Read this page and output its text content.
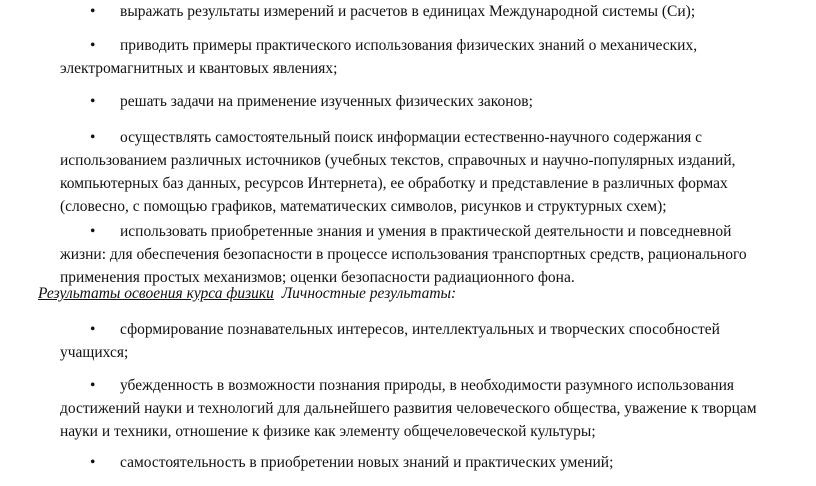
• выражать результаты измерений и расчетов в единицах Международной системы (Си);

• приводить примеры практического использования физических знаний о механических, электромагнитных и квантовых явлениях;

• решать задачи на применение изученных физических законов;

• осуществлять самостоятельный поиск информации естественно-научного содержания с использованием различных источников (учебных текстов, справочных и научно-популярных изданий, компьютерных баз данных, ресурсов Интернета), ее обработку и представление в различных формах (словесно, с помощью графиков, математических символов, рисунков и структурных схем);

• использовать приобретенные знания и умения в практической деятельности и повседневной жизни: для обеспечения безопасности в процессе использования транспортных средств, рационального применения простых механизмов; оценки безопасности радиационного фона.

Результаты освоения курса физики Личностные результаты:

• сформирование познавательных интересов, интеллектуальных и творческих способностей учащихся;

• убежденность в возможности познания природы, в необходимости разумного использования достижений науки и технологий для дальнейшего развития человеческого общества, уважение к творцам науки и техники, отношение к физике как элементу общечеловеческой культуры;

• самостоятельность в приобретении новых знаний и практических умений;
